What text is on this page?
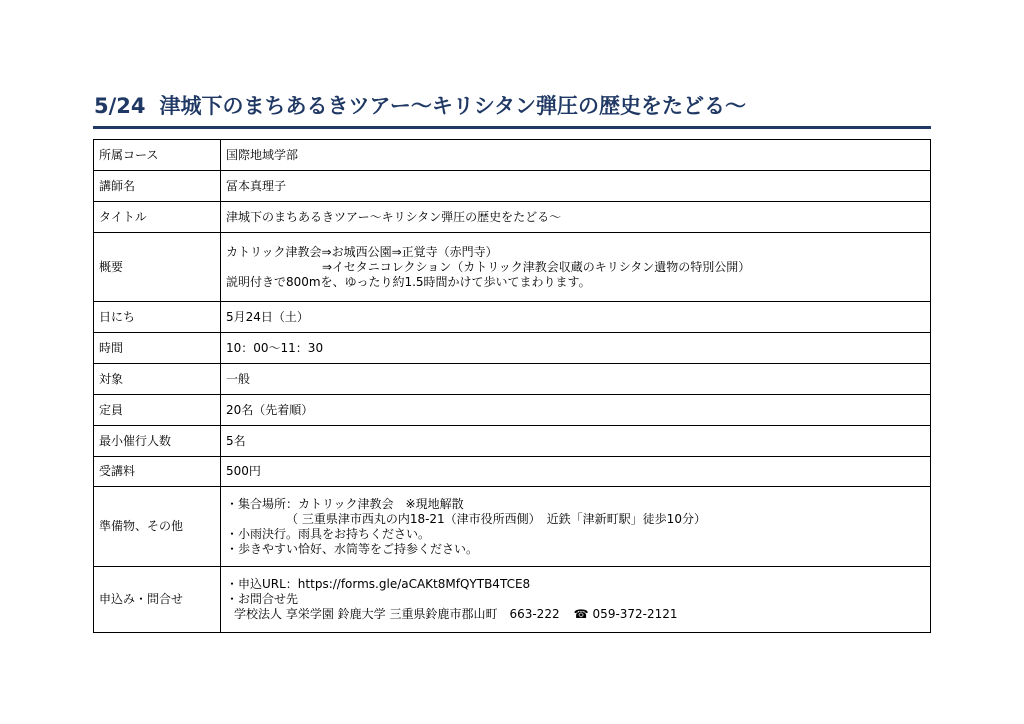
5/24 津城下のまちあるきツアー～キリシタン弾圧の歴史をたどる～
所属コース	国際地域学部
講師名	冨本真理子
タイトル	津城下のまちあるきツアー～キリシタン弾圧の歴史をたどる～
概要	カトリック津教会⇒お城西公園⇒正覚寺（赤門寺）
⇒イセタニコレクション（カトリック津教会収蔵のキリシタン遺物の特別公開）
説明付きで800mを、ゆったり約1.5時間かけて歩いてまわります。

日にち	5月24日（土）
時間	10：00～11：30
対象	一般
定員	20名（先着順）
最小催行人数	5名
受講料	500円
準備物、その他	・集合場所：カトリック津教会　※現地解散
（ 三重県津市西丸の内18-21（津市役所西側）　近鉄「津新町駅」徒歩10分）
・小雨決行。雨具をお持ちください。
・歩きやすい恰好、水筒等をご持参ください。

申込み・問合せ	・申込URL：https://forms.gle/aCAKt8MfQYTB4TCE8
・お問合せ先
学校法人 享栄学園 鈴鹿大学 三重県鈴鹿市郡山町　663-222 ☎ 059-372-2121
